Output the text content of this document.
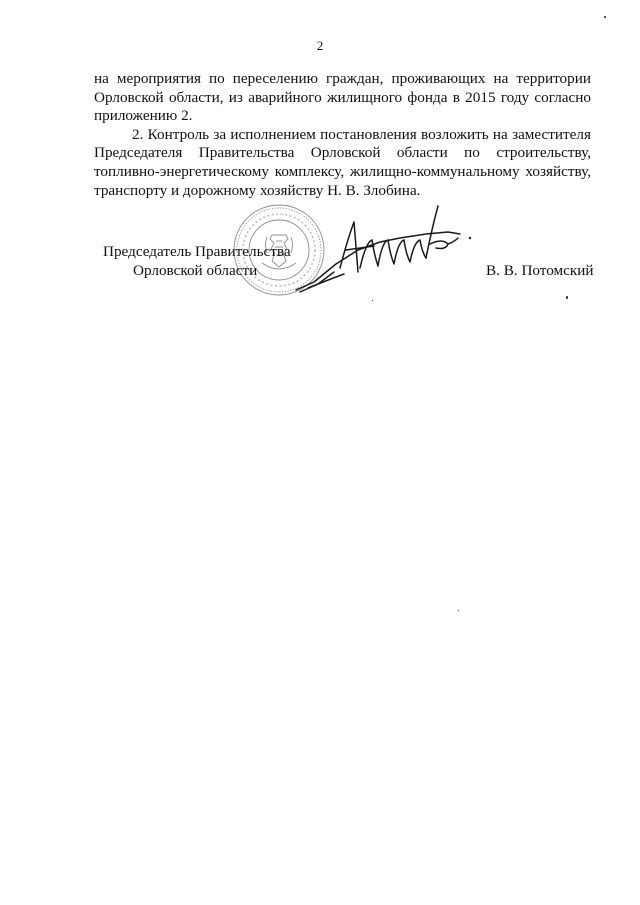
2

на мероприятия по переселению граждан, проживающих на территории Орловской области, из аварийного жилищного фонда в 2015 году согласно приложению 2.

2. Контроль за исполнением постановления возложить на заместителя Председателя Правительства Орловской области по строительству, топливно-энергетическому комплексу, жилищно-коммунальному хозяйству, транспорту и дорожному хозяйству Н. В. Злобина.

Председатель Правительства
Орловской области	В. В. Потомский
